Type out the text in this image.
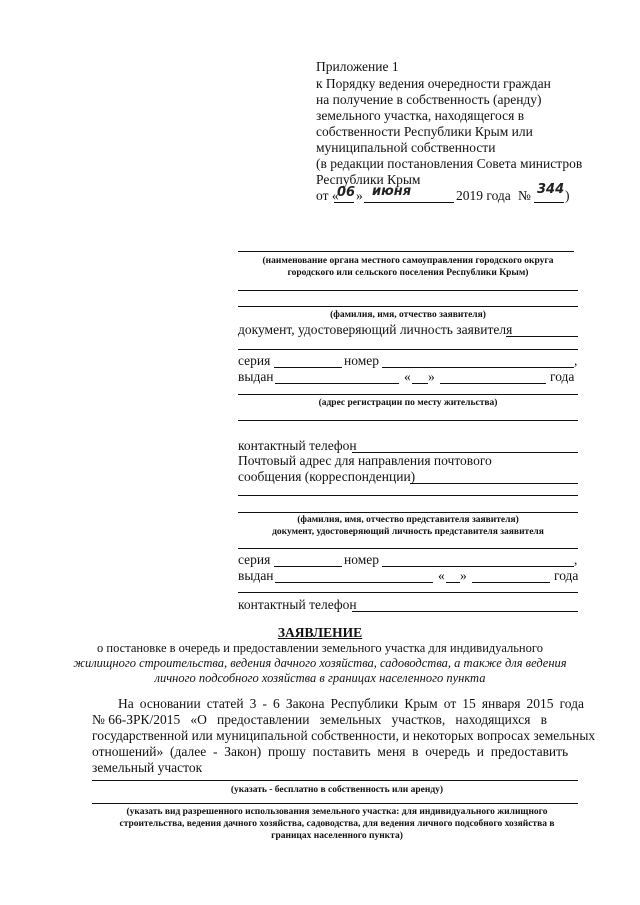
Приложение 1
к Порядку ведения очередности граждан
на получение в собственность (аренду)
земельного участка, находящегося в
собственности Республики Крым или
муниципальной собственности
(в редакции постановления Совета министров
Республики Крым
от «
06 » июня	2019 года № 344 )
(наименование органа местного самоуправления городского округа
городского или сельского поселения Республики Крым)
(фамилия, имя, отчество заявителя)
документ, удостоверяющий личность заявителя
серия	номер	,
выдан	« »	года
(адрес регистрации по месту жительства)
контактный телефон
Почтовый адрес для направления почтового
сообщения (корреспонденции)
(фамилия, имя, отчество представителя заявителя)
документ, удостоверяющий личность представителя заявителя
серия	номер	,
выдан	« »	года
контактный телефон
ЗАЯВЛЕНИЕ
о постановке в очередь и предоставлении земельного участка для индивидуального
жилищного строительства, ведения дачного хозяйства, садоводства, а также для ведения
личного подсобного хозяйства в границах населенного пункта
На основании статей 3 - 6 Закона Республики Крым от 15 января 2015 года
№ 66-ЗРК/2015   «О   предоставлении   земельных   участков,   находящихся   в
государственной или муниципальной собственности, и некоторых вопросах земельных
отношений»  (далее  -  Закон)  прошу  поставить  меня  в  очередь  и  предоставить
земельный участок
(указать - бесплатно в собственность или аренду)
(указать вид разрешенного использования земельного участка: для индивидуального жилищного
строительства, ведения дачного хозяйства, садоводства, для ведения личного подсобного хозяйства в
границах населенного пункта)
